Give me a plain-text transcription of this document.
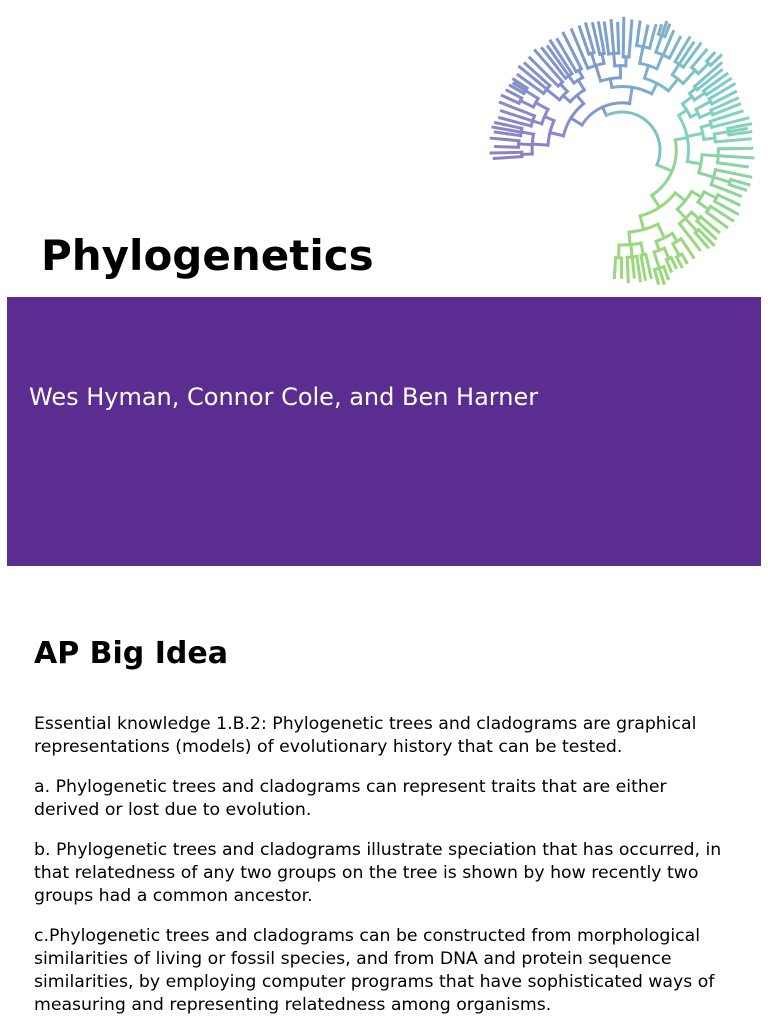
Phylogenetics

Wes Hyman, Connor Cole, and Ben Harner

AP Big Idea

Essential knowledge 1.B.2: Phylogenetic trees and cladograms are graphical representations (models) of evolutionary history that can be tested.

a. Phylogenetic trees and cladograms can represent traits that are either derived or lost due to evolution.

b. Phylogenetic trees and cladograms illustrate speciation that has occurred, in that relatedness of any two groups on the tree is shown by how recently two groups had a common ancestor.

c.Phylogenetic trees and cladograms can be constructed from morphological similarities of living or fossil species, and from DNA and protein sequence similarities, by employing computer programs that have sophisticated ways of measuring and representing relatedness among organisms.
